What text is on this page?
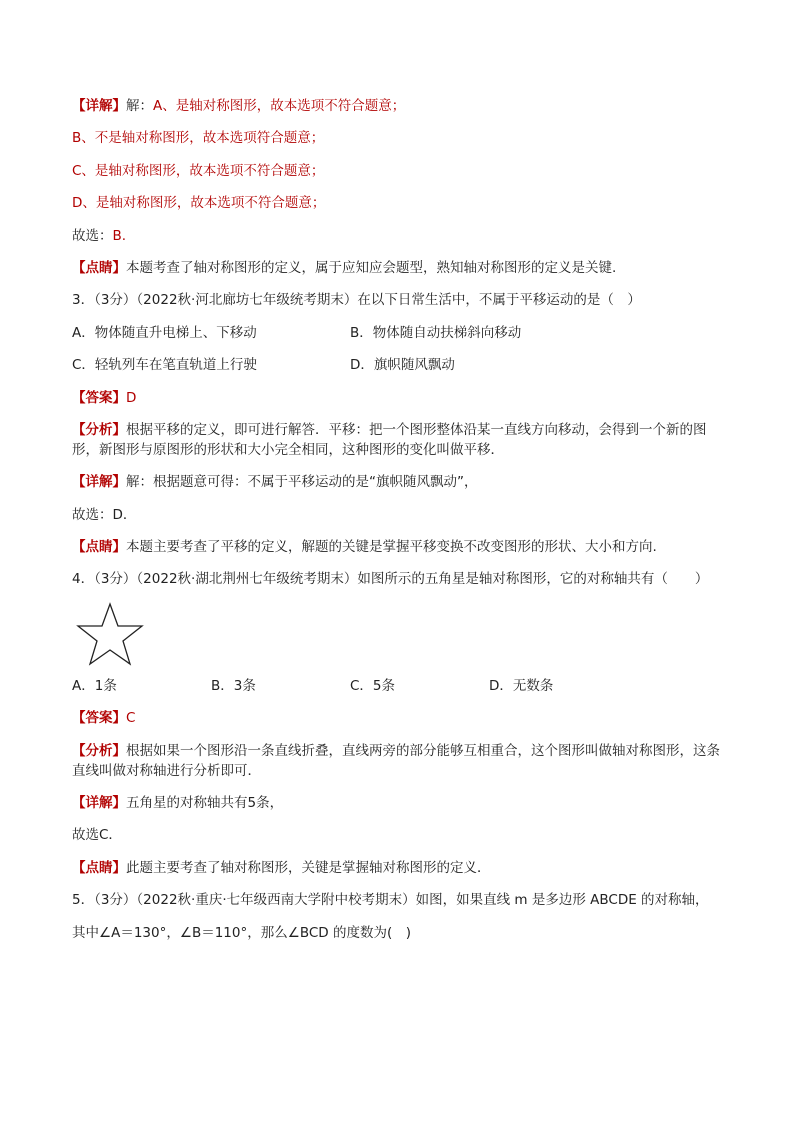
【详解】解：A、是轴对称图形，故本选项不符合题意；
B、不是轴对称图形，故本选项符合题意；
C、是轴对称图形，故本选项不符合题意；
D、是轴对称图形，故本选项不符合题意；
故选：B.
【点睛】本题考查了轴对称图形的定义，属于应知应会题型，熟知轴对称图形的定义是关键.
3．（3分）（2022秋·河北廊坊七年级统考期末）在以下日常生活中，不属于平移运动的是（　）
A．物体随直升电梯上、下移动	B．物体随自动扶梯斜向移动
C．轻轨列车在笔直轨道上行驶	D．旗帜随风飘动
【答案】D
【分析】根据平移的定义，即可进行解答．平移：把一个图形整体沿某一直线方向移动，会得到一个新的图形，新图形与原图形的形状和大小完全相同，这种图形的变化叫做平移．
【详解】解：根据题意可得：不属于平移运动的是“旗帜随风飘动”，
故选：D．
【点睛】本题主要考查了平移的定义，解题的关键是掌握平移变换不改变图形的形状、大小和方向.
4．（3分）（2022秋·湖北荆州七年级统考期末）如图所示的五角星是轴对称图形，它的对称轴共有（　　）
A．1条	B．3条	C．5条	D．无数条
【答案】C
【分析】根据如果一个图形沿一条直线折叠，直线两旁的部分能够互相重合，这个图形叫做轴对称图形，这条直线叫做对称轴进行分析即可．
【详解】五角星的对称轴共有5条，
故选C．
【点睛】此题主要考查了轴对称图形，关键是掌握轴对称图形的定义．
5．（3分）（2022秋·重庆·七年级西南大学附中校考期末）如图，如果直线 m 是多边形 ABCDE 的对称轴，
其中∠A＝130°，∠B＝110°，那么∠BCD 的度数为(　)
